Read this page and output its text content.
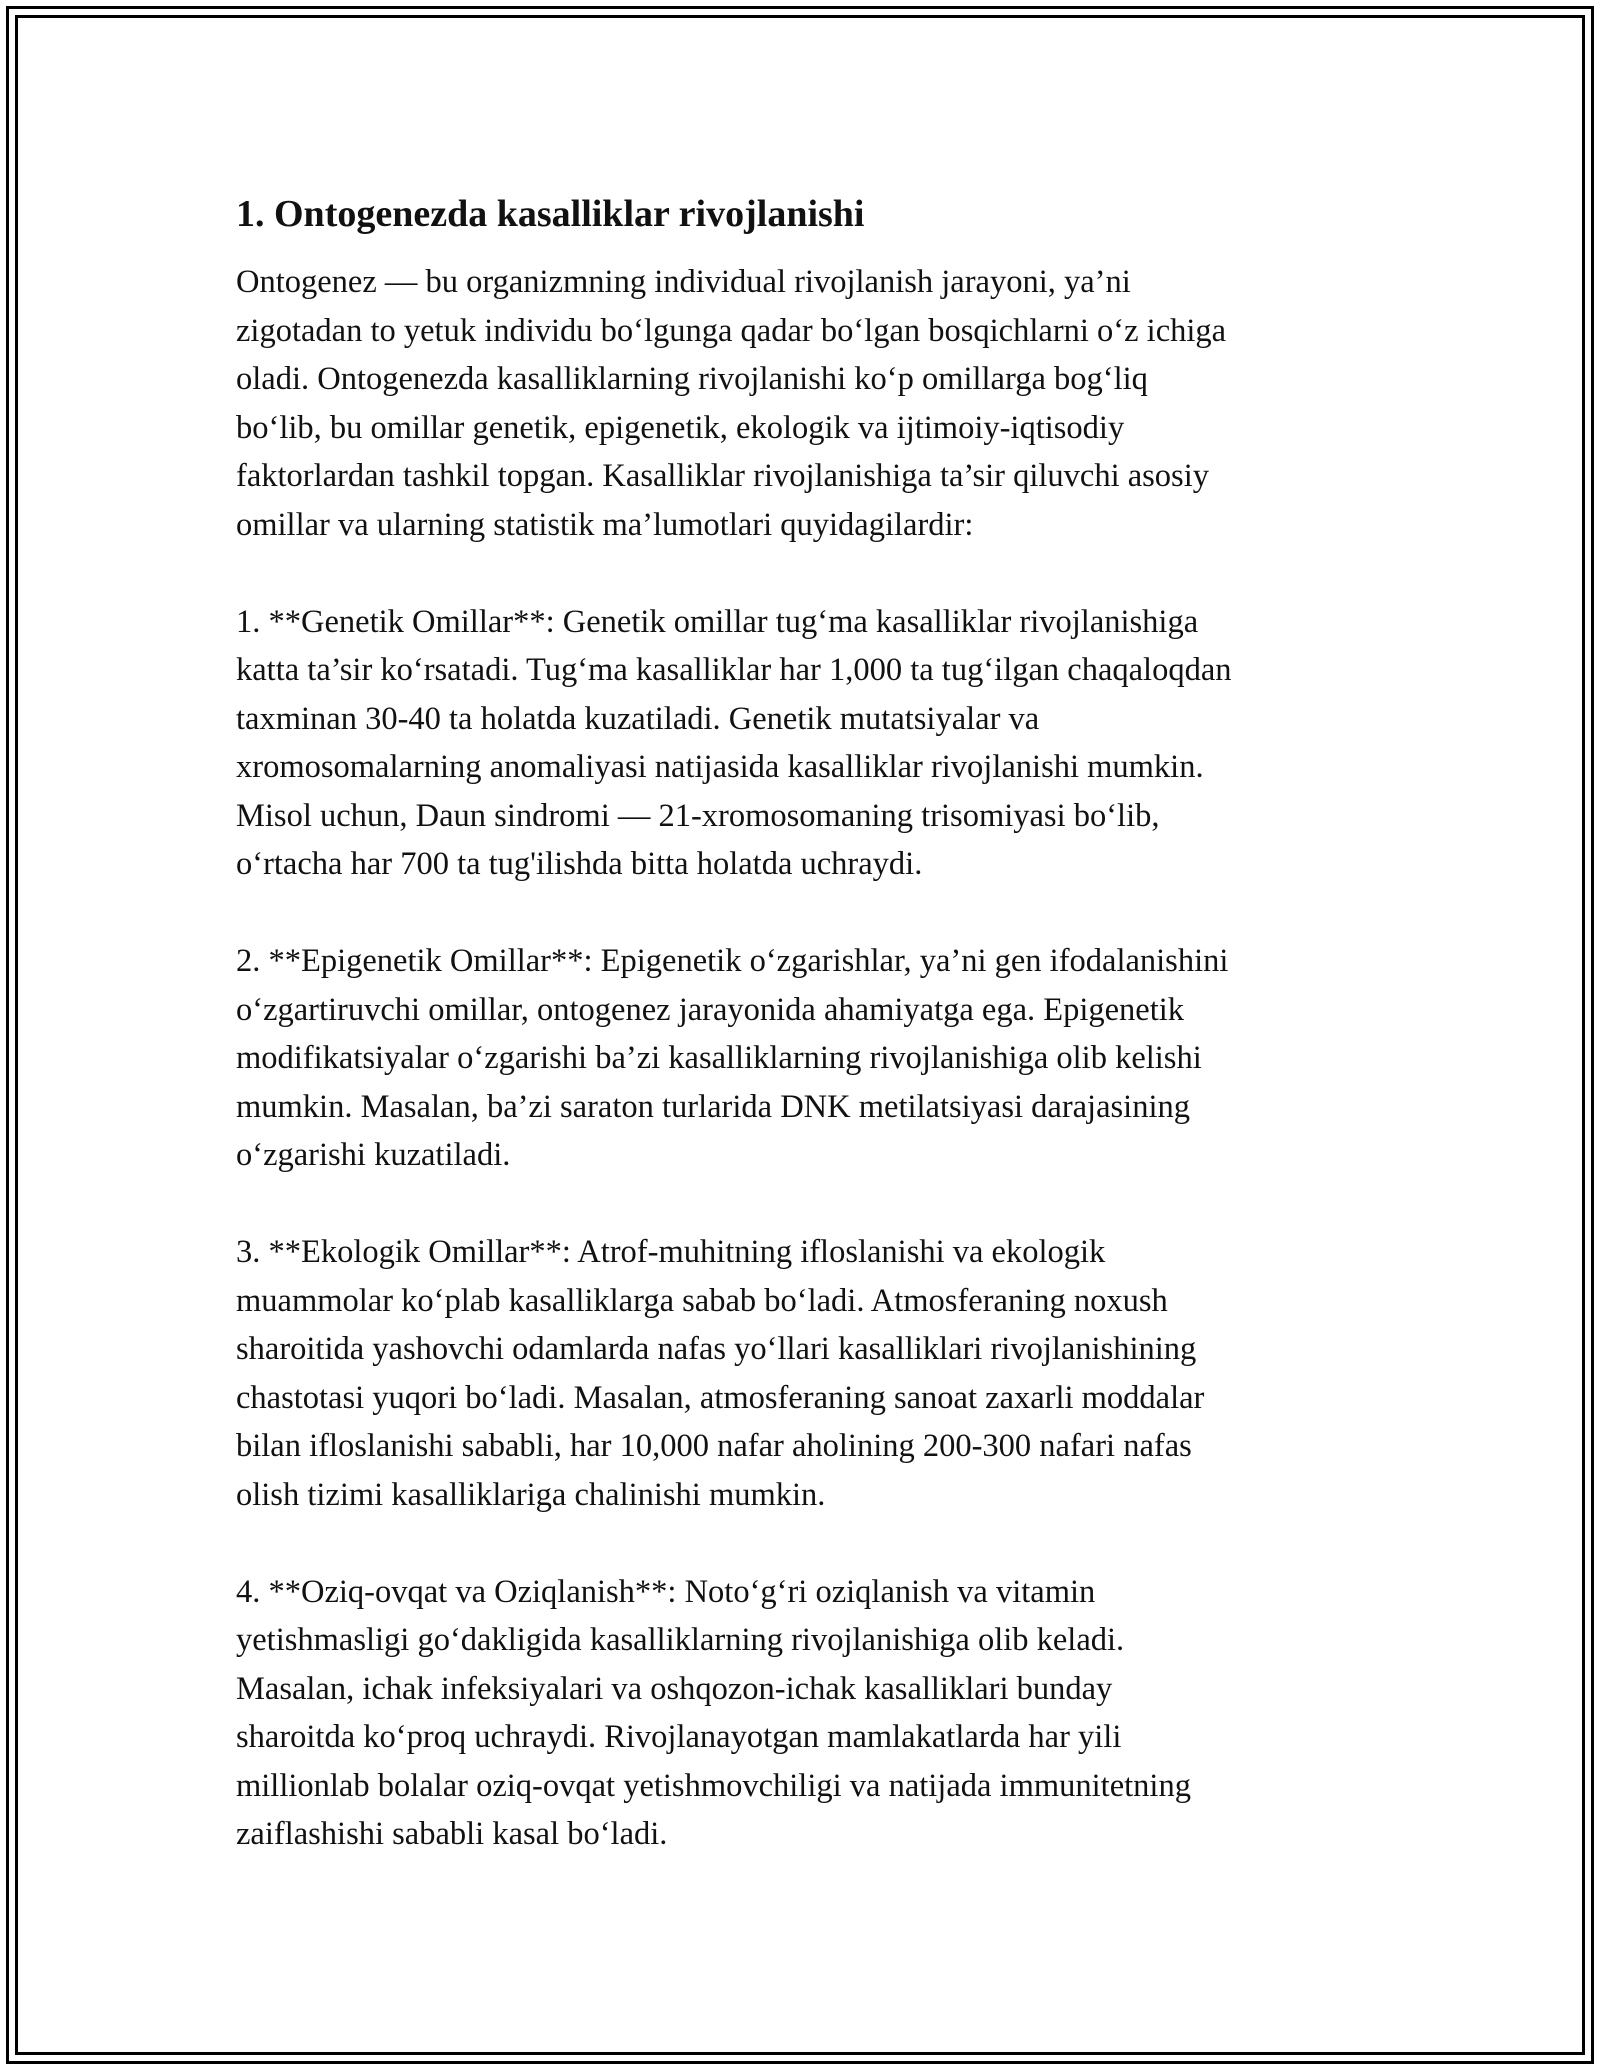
1. Ontogenezda kasalliklar rivojlanishi

Ontogenez — bu organizmning individual rivojlanish jarayoni, ya’ni
zigotadan to yetuk individu bo‘lgunga qadar bo‘lgan bosqichlarni o‘z ichiga
oladi. Ontogenezda kasalliklarning rivojlanishi ko‘p omillarga bog‘liq
bo‘lib, bu omillar genetik, epigenetik, ekologik va ijtimoiy-iqtisodiy
faktorlardan tashkil topgan. Kasalliklar rivojlanishiga ta’sir qiluvchi asosiy
omillar va ularning statistik ma’lumotlari quyidagilardir:

1. **Genetik Omillar**: Genetik omillar tug‘ma kasalliklar rivojlanishiga
katta ta’sir ko‘rsatadi. Tug‘ma kasalliklar har 1,000 ta tug‘ilgan chaqaloqdan
taxminan 30-40 ta holatda kuzatiladi. Genetik mutatsiyalar va
xromosomalarning anomaliyasi natijasida kasalliklar rivojlanishi mumkin.
Misol uchun, Daun sindromi — 21-xromosomaning trisomiyasi bo‘lib,
o‘rtacha har 700 ta tug'ilishda bitta holatda uchraydi.

2. **Epigenetik Omillar**: Epigenetik o‘zgarishlar, ya’ni gen ifodalanishini
o‘zgartiruvchi omillar, ontogenez jarayonida ahamiyatga ega. Epigenetik
modifikatsiyalar o‘zgarishi ba’zi kasalliklarning rivojlanishiga olib kelishi
mumkin. Masalan, ba’zi saraton turlarida DNK metilatsiyasi darajasining
o‘zgarishi kuzatiladi.

3. **Ekologik Omillar**: Atrof-muhitning ifloslanishi va ekologik
muammolar ko‘plab kasalliklarga sabab bo‘ladi. Atmosferaning noxush
sharoitida yashovchi odamlarda nafas yo‘llari kasalliklari rivojlanishining
chastotasi yuqori bo‘ladi. Masalan, atmosferaning sanoat zaxarli moddalar
bilan ifloslanishi sababli, har 10,000 nafar aholining 200-300 nafari nafas
olish tizimi kasalliklariga chalinishi mumkin.

4. **Oziq-ovqat va Oziqlanish**: Noto‘g‘ri oziqlanish va vitamin
yetishmasligi go‘dakligida kasalliklarning rivojlanishiga olib keladi.
Masalan, ichak infeksiyalari va oshqozon-ichak kasalliklari bunday
sharoitda ko‘proq uchraydi. Rivojlanayotgan mamlakatlarda har yili
millionlab bolalar oziq-ovqat yetishmovchiligi va natijada immunitetning
zaiflashishi sababli kasal bo‘ladi.
